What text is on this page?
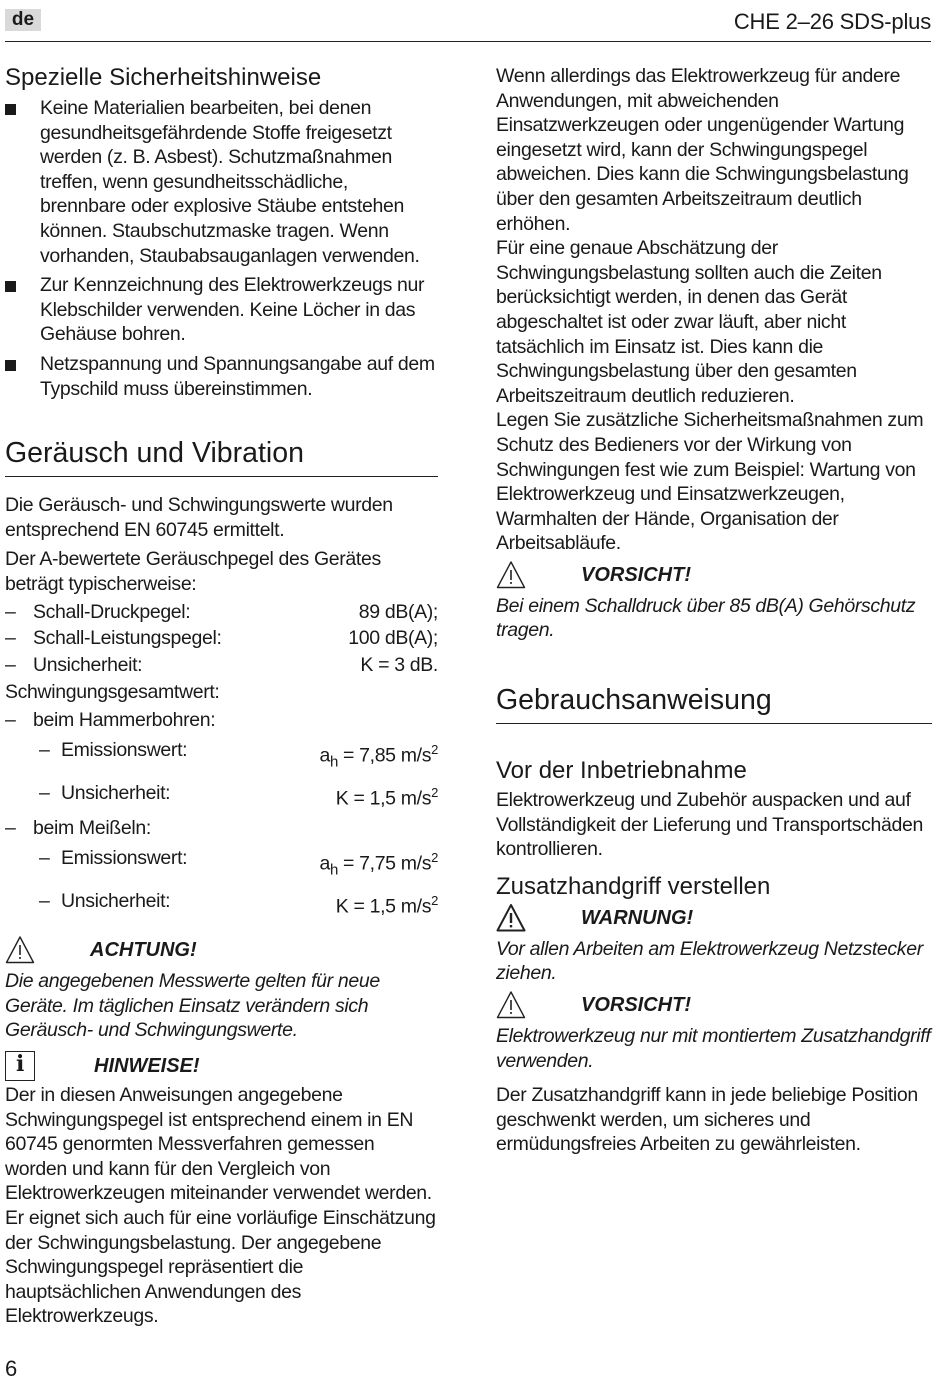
de	CHE 2–26 SDS-plus
Spezielle Sicherheitshinweise
Keine Materialien bearbeiten, bei denen gesundheitsgefährdende Stoffe freigesetzt werden (z. B. Asbest). Schutzmaßnahmen treffen, wenn gesundheitsschädliche, brennbare oder explosive Stäube entstehen können. Staubschutzmaske tragen. Wenn vorhanden, Staubabsauganlagen verwenden.
Zur Kennzeichnung des Elektrowerkzeugs nur Klebschilder verwenden. Keine Löcher in das Gehäuse bohren.
Netzspannung und Spannungsangabe auf dem Typschild muss übereinstimmen.
Geräusch und Vibration

Die Geräusch- und Schwingungswerte wurden entsprechend EN 60745 ermittelt.

Der A-bewertete Geräuschpegel des Gerätes beträgt typischerweise:

– Schall-Druckpegel:	89 dB(A);
– Schall-Leistungspegel:	100 dB(A);
– Unsicherheit:	K = 3 dB.

Schwingungsgesamtwert:

– beim Hammerbohren:
– Emissionswert:	$a_h = 7,85$ $m/s^2$
– Unsicherheit:	K = 1,5 $m/s^2$
– beim Meißeln:
– Emissionswert:	$a_h = 7,75$ $m/s^2$
– Unsicherheit:	K = 1,5 $m/s^2$
ACHTUNG!

Die angegebenen Messwerte gelten für neue Geräte. Im täglichen Einsatz verändern sich Geräusch- und Schwingungswerte.

i	HINWEISE!

Der in diesen Anweisungen angegebene Schwingungspegel ist entsprechend einem in EN 60745 genormten Messverfahren gemessen worden und kann für den Vergleich von Elektrowerkzeugen miteinander verwendet werden. Er eignet sich auch für eine vorläufige Einschätzung der Schwingungsbelastung. Der angegebene Schwingungspegel repräsentiert die hauptsächlichen Anwendungen des Elektrowerkzeugs.

Wenn allerdings das Elektrowerkzeug für andere Anwendungen, mit abweichenden Einsatzwerkzeugen oder ungenügender Wartung eingesetzt wird, kann der Schwingungspegel abweichen. Dies kann die Schwingungsbelastung über den gesamten Arbeitszeitraum deutlich erhöhen.

Für eine genaue Abschätzung der Schwingungsbelastung sollten auch die Zeiten berücksichtigt werden, in denen das Gerät abgeschaltet ist oder zwar läuft, aber nicht tatsächlich im Einsatz ist. Dies kann die Schwingungsbelastung über den gesamten Arbeitszeitraum deutlich reduzieren.

Legen Sie zusätzliche Sicherheitsmaßnahmen zum Schutz des Bedieners vor der Wirkung von Schwingungen fest wie zum Beispiel: Wartung von Elektrowerkzeug und Einsatzwerkzeugen, Warmhalten der Hände, Organisation der Arbeitsabläufe.

VORSICHT!

Bei einem Schalldruck über 85 dB(A) Gehörschutz tragen.

Gebrauchsanweisung
Vor der Inbetriebnahme

Elektrowerkzeug und Zubehör auspacken und auf Vollständigkeit der Lieferung und Transportschäden kontrollieren.

Zusatzhandgriff verstellen
WARNUNG!

Vor allen Arbeiten am Elektrowerkzeug Netzstecker ziehen.

VORSICHT!

Elektrowerkzeug nur mit montiertem Zusatzhandgriff verwenden.

Der Zusatzhandgriff kann in jede beliebige Position geschwenkt werden, um sicheres und ermüdungsfreies Arbeiten zu gewährleisten.

6
